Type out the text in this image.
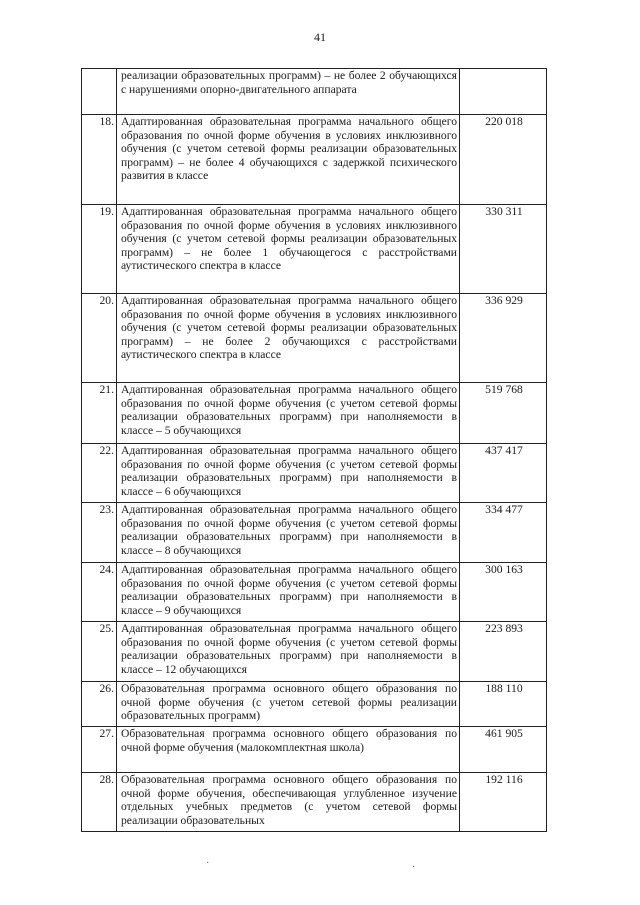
41
	реализации образовательных программ) – не более 2 обучающихся с нарушениями опорно-двигательного аппарата	
18.	Адаптированная образовательная программа начального общего образования по очной форме обучения в условиях инклюзивного обучения (с учетом сетевой формы реализации образовательных программ) – не более 4 обучающихся с задержкой психического развития в классе	220 018
19.	Адаптированная образовательная программа начального общего образования по очной форме обучения в условиях инклюзивного обучения (с учетом сетевой формы реализации образовательных программ) – не более 1 обучающегося с расстройствами аутистического спектра в классе	330 311
20.	Адаптированная образовательная программа начального общего образования по очной форме обучения в условиях инклюзивного обучения (с учетом сетевой формы реализации образовательных программ) – не более 2 обучающихся с расстройствами аутистического спектра в классе	336 929
21.	Адаптированная образовательная программа начального общего образования по очной форме обучения (с учетом сетевой формы реализации образовательных программ) при наполняемости в классе – 5 обучающихся	519 768
22.	Адаптированная образовательная программа начального общего образования по очной форме обучения (с учетом сетевой формы реализации образовательных программ) при наполняемости в классе – 6 обучающихся	437 417
23.	Адаптированная образовательная программа начального общего образования по очной форме обучения (с учетом сетевой формы реализации образовательных программ) при наполняемости в классе – 8 обучающихся	334 477
24.	Адаптированная образовательная программа начального общего образования по очной форме обучения (с учетом сетевой формы реализации образовательных программ) при наполняемости в классе – 9 обучающихся	300 163
25.	Адаптированная образовательная программа начального общего образования по очной форме обучения (с учетом сетевой формы реализации образовательных программ) при наполняемости в классе – 12 обучающихся	223 893
26.	Образовательная программа основного общего образования по очной форме обучения (с учетом сетевой формы реализации образовательных программ)	188 110
27.	Образовательная программа основного общего образования по очной форме обучения (малокомплектная школа)	461 905
28.	Образовательная программа основного общего образования по очной форме обучения, обеспечивающая углубленное изучение отдельных учебных предметов (с учетом сетевой формы реализации образовательных	192 116
·	·
